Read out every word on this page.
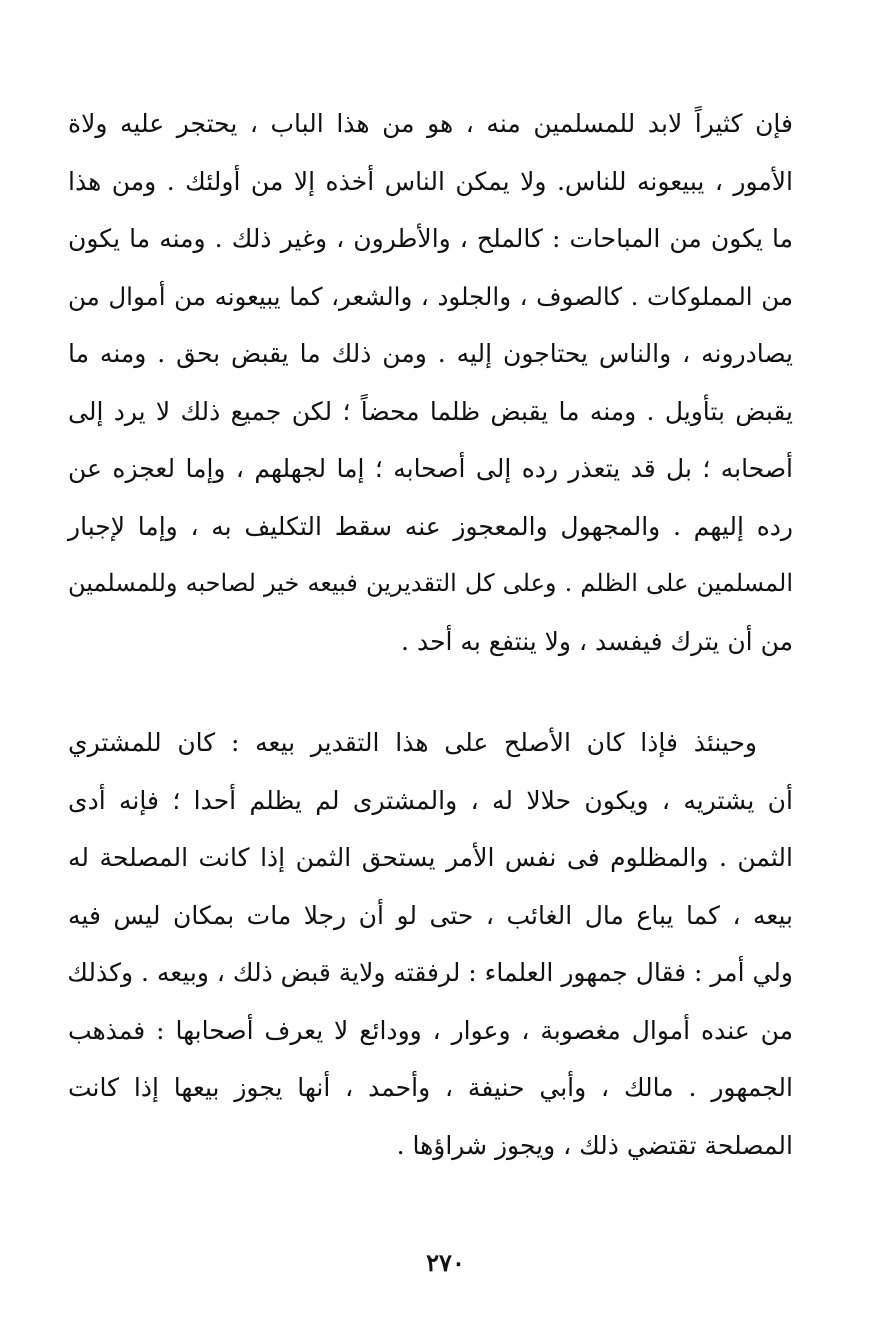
فإن كثيراً لابد للمسلمين منه ، هو من هذا الباب ، يحتجر عليه ولاة
الأمور ، يبيعونه للناس. ولا يمكن الناس أخذه إلا من أولئك . ومن هذا
ما يكون من المباحات : كالملح ، والأطرون ، وغير ذلك . ومنه ما يكون
من المملوكات . كالصوف ، والجلود ، والشعر، كما يبيعونه من أموال من
يصادرونه ، والناس يحتاجون إليه . ومن ذلك ما يقبض بحق . ومنه ما
يقبض بتأويل . ومنه ما يقبض ظلما محضاً ؛ لكن جميع ذلك لا يرد إلى
أصحابه ؛ بل قد يتعذر رده إلى أصحابه ؛ إما لجهلهم ، وإما لعجزه عن
رده إليهم . والمجهول والمعجوز عنه سقط التكليف به ، وإما لإجبار
المسلمين على الظلم . وعلى كل التقديرين فبيعه خير لصاحبه وللمسلمين
من أن يترك فيفسد ، ولا ينتفع به أحد .
وحينئذ فإذا كان الأصلح على هذا التقدير بيعه : كان للمشتري
أن يشتريه ، ويكون حلالا له ، والمشترى لم يظلم أحدا ؛ فإنه أدى
الثمن . والمظلوم فى نفس الأمر يستحق الثمن إذا كانت المصلحة له
بيعه ، كما يباع مال الغائب ، حتى لو أن رجلا مات بمكان ليس فيه
ولي أمر : فقال جمهور العلماء : لرفقته ولاية قبض ذلك ، وبيعه . وكذلك
من عنده أموال مغصوبة ، وعوار ، وودائع لا يعرف أصحابها : فمذهب
الجمهور . مالك ، وأبي حنيفة ، وأحمد ، أنها يجوز بيعها إذا كانت
المصلحة تقتضي ذلك ، ويجوز شراؤها .
٢٧٠
